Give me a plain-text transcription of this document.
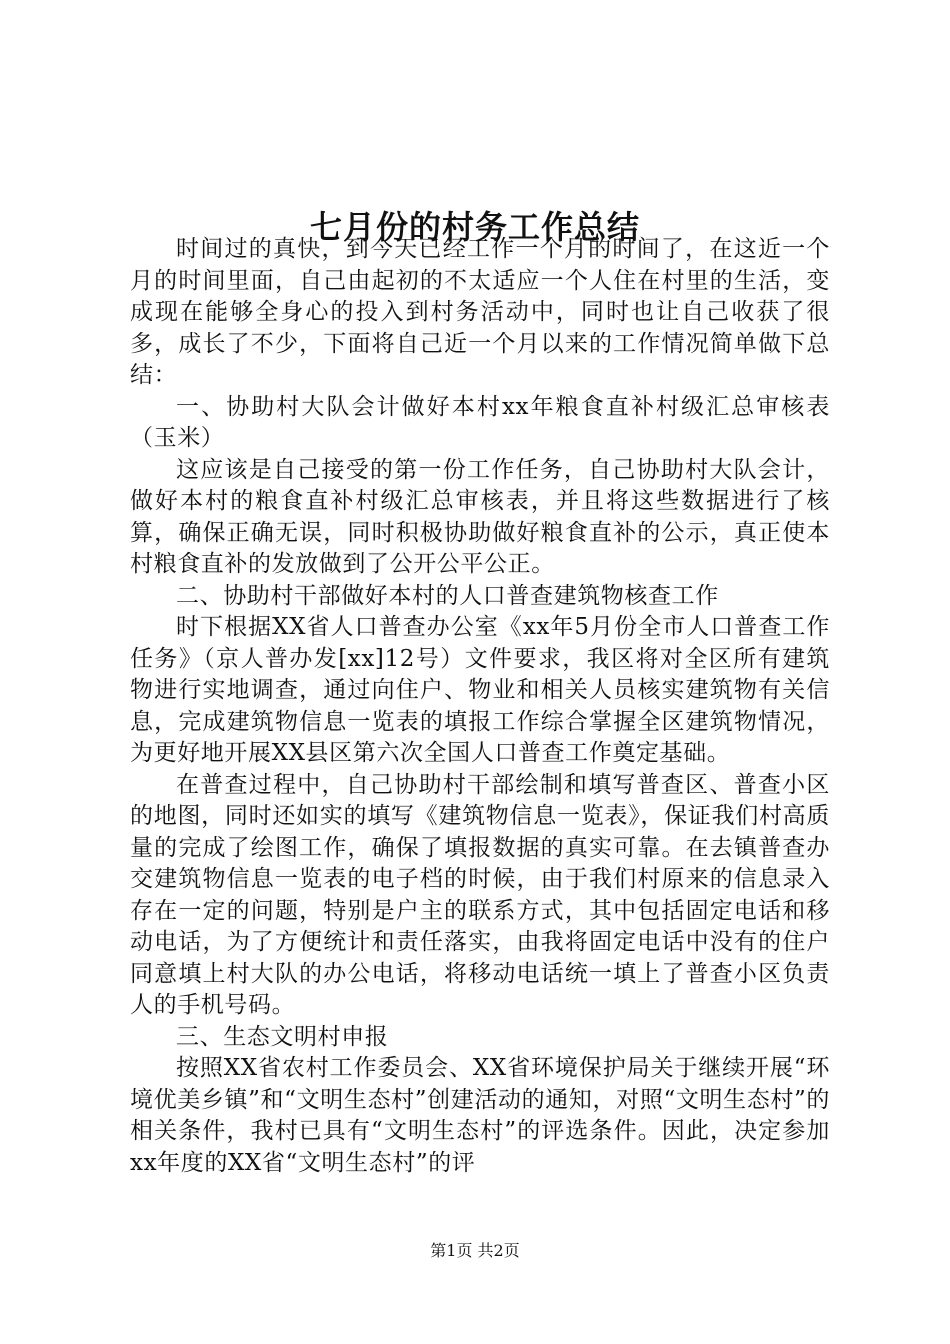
七月份的村务工作总结

时间过的真快，到今天已经工作一个月的时间了，在这近一个月的时间里面，自己由起初的不太适应一个人住在村里的生活，变成现在能够全身心的投入到村务活动中，同时也让自己收获了很多，成长了不少，下面将自己近一个月以来的工作情况简单做下总结：

一、协助村大队会计做好本村xx年粮食直补村级汇总审核表（玉米）

这应该是自己接受的第一份工作任务，自己协助村大队会计，做好本村的粮食直补村级汇总审核表，并且将这些数据进行了核算，确保正确无误，同时积极协助做好粮食直补的公示，真正使本村粮食直补的发放做到了公开公平公正。

二、协助村干部做好本村的人口普查建筑物核查工作

时下根据XX省人口普查办公室《xx年5月份全市人口普查工作任务》（京人普办发[xx]12号）文件要求，我区将对全区所有建筑物进行实地调查，通过向住户、物业和相关人员核实建筑物有关信息，完成建筑物信息一览表的填报工作综合掌握全区建筑物情况，为更好地开展XX县区第六次全国人口普查工作奠定基础。

在普查过程中，自己协助村干部绘制和填写普查区、普查小区的地图，同时还如实的填写《建筑物信息一览表》，保证我们村高质量的完成了绘图工作，确保了填报数据的真实可靠。在去镇普查办交建筑物信息一览表的电子档的时候，由于我们村原来的信息录入存在一定的问题，特别是户主的联系方式，其中包括固定电话和移动电话，为了方便统计和责任落实，由我将固定电话中没有的住户同意填上村大队的办公电话，将移动电话统一填上了普查小区负责人的手机号码。

三、生态文明村申报

按照XX省农村工作委员会、XX省环境保护局关于继续开展“环境优美乡镇”和“文明生态村”创建活动的通知，对照“文明生态村”的相关条件，我村已具有“文明生态村”的评选条件。因此，决定参加xx年度的XX省“文明生态村”的评

第1页 共2页
